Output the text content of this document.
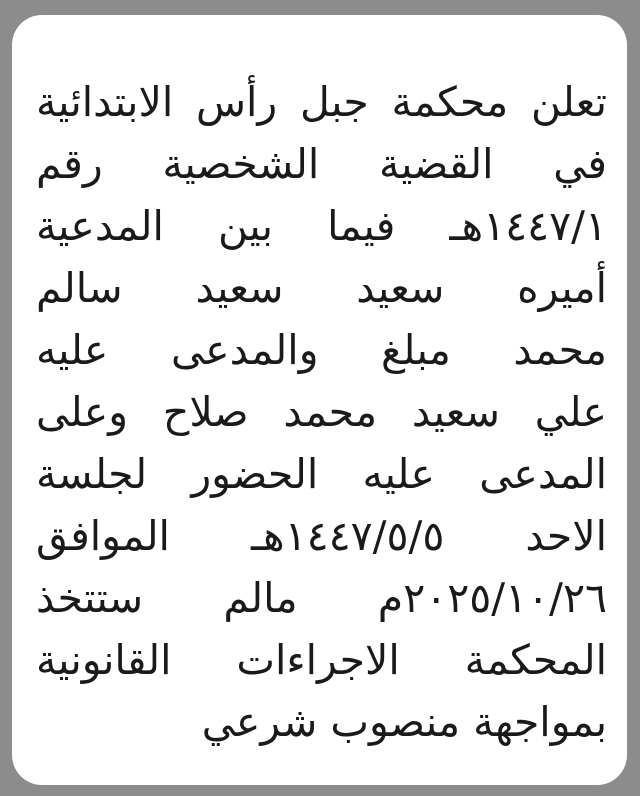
تعلن محكمة جبل رأس الابتدائية
في القضية الشخصية رقم
١٤٤٧/١هـ فيما بين المدعية
أميره سعيد سعيد سالم
محمد مبلغ والمدعى عليه
علي سعيد محمد صلاح وعلى
المدعى عليه الحضور لجلسة
الاحد ١٤٤٧/٥/٥هـ الموافق
٢٠٢٥/١٠/٢٦م مالم ستتخذ
المحكمة الاجراءات القانونية
بمواجهة منصوب شرعي
